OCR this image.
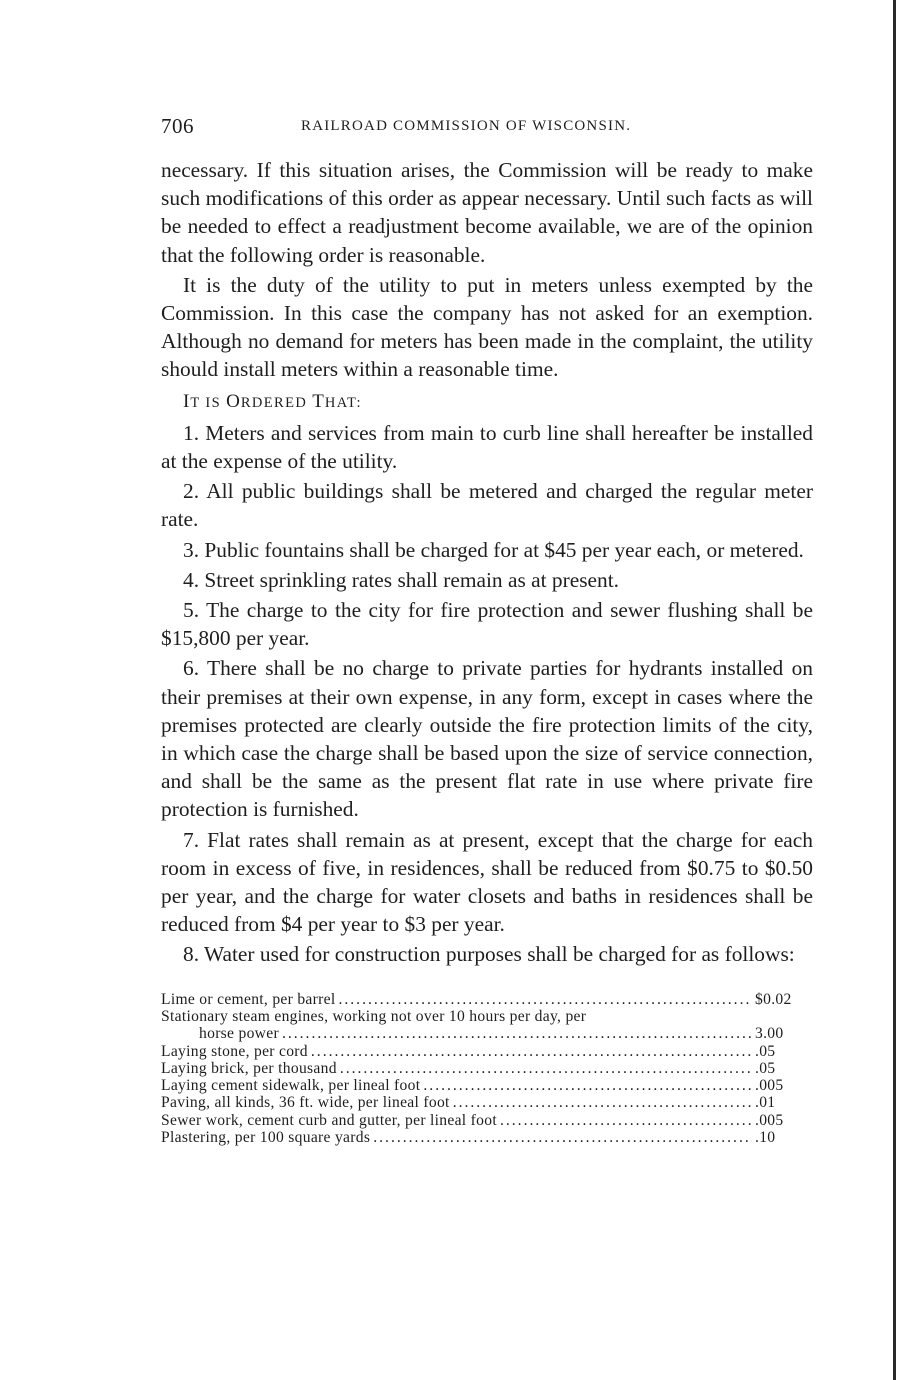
706	RAILROAD COMMISSION OF WISCONSIN.

necessary. If this situation arises, the Commission will be ready to make such modifications of this order as appear necessary. Until such facts as will be needed to effect a readjustment become available, we are of the opinion that the following order is reasonable.

It is the duty of the utility to put in meters unless exempted by the Commission. In this case the company has not asked for an exemption. Although no demand for meters has been made in the complaint, the utility should install meters within a reasonable time.

IT IS ORDERED THAT:

1. Meters and services from main to curb line shall hereafter be installed at the expense of the utility.

2. All public buildings shall be metered and charged the regular meter rate.

3. Public fountains shall be charged for at $45 per year each, or metered.

4. Street sprinkling rates shall remain as at present.

5. The charge to the city for fire protection and sewer flushing shall be $15,800 per year.

6. There shall be no charge to private parties for hydrants installed on their premises at their own expense, in any form, except in cases where the premises protected are clearly outside the fire protection limits of the city, in which case the charge shall be based upon the size of service connection, and shall be the same as the present flat rate in use where private fire protection is furnished.

7. Flat rates shall remain as at present, except that the charge for each room in excess of five, in residences, shall be reduced from $0.75 to $0.50 per year, and the charge for water closets and baths in residences shall be reduced from $4 per year to $3 per year.

8. Water used for construction purposes shall be charged for as follows:

Lime or cement, per barrel .....	$0.02
Stationary steam engines, working not over 10 hours per day, per
horse power .....	3.00
Laying stone, per cord .....	.05
Laying brick, per thousand .....	.05
Laying cement sidewalk, per lineal foot .....	.005
Paving, all kinds, 36 ft. wide, per lineal foot .....	.01
Sewer work, cement curb and gutter, per lineal foot .....	.005
Plastering, per 100 square yards .....	.10
